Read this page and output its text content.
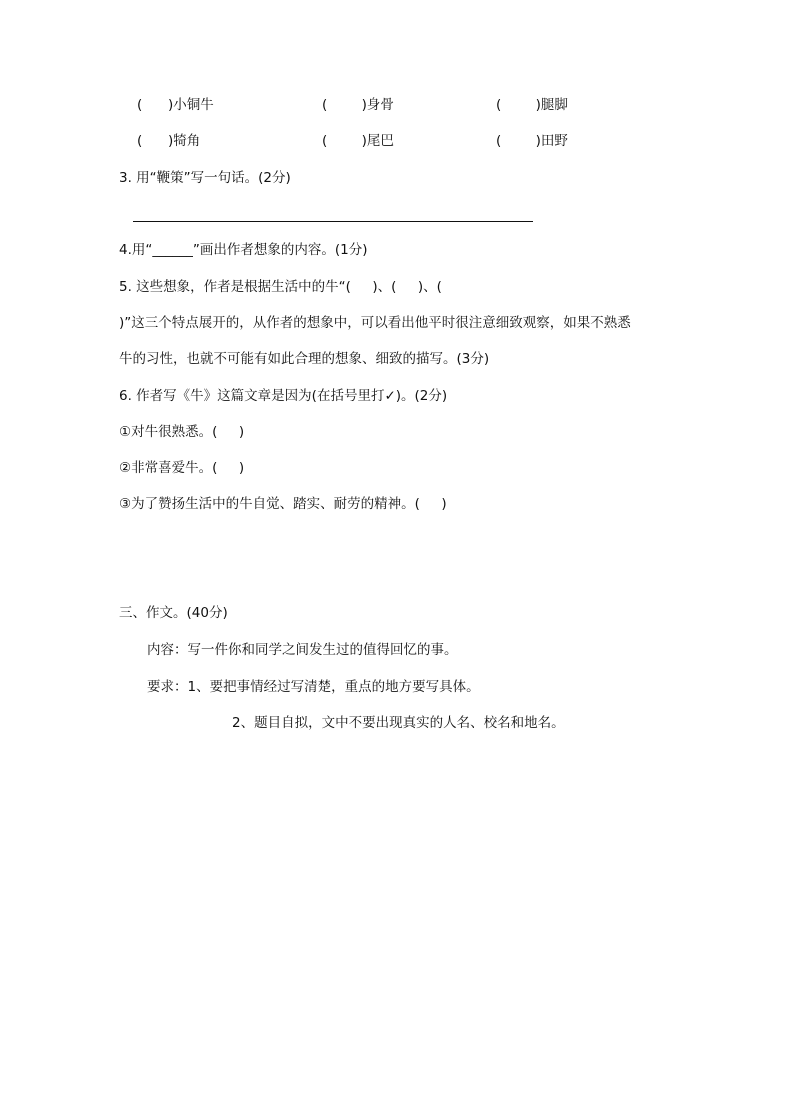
(      )小铜牛	(        )身骨	(        )腿脚
(      )犄角	(        )尾巴	(        )田野
3. 用“鞭策”写一句话。(2分)
4.用“______”画出作者想象的内容。(1分)
5. 这些想象，作者是根据生活中的牛“(     )、(     )、(
)”这三个特点展开的，从作者的想象中，可以看出他平时很注意细致观察，如果不熟悉
牛的习性，也就不可能有如此合理的想象、细致的描写。(3分)
6. 作者写《牛》这篇文章是因为(在括号里打✓)。(2分)
①对牛很熟悉。(     )
②非常喜爱牛。(     )
③为了赞扬生活中的牛自觉、踏实、耐劳的精神。(     )
三、作文。(40分)
内容：写一件你和同学之间发生过的值得回忆的事。
要求：1、要把事情经过写清楚，重点的地方要写具体。
2、题目自拟，文中不要出现真实的人名、校名和地名。
